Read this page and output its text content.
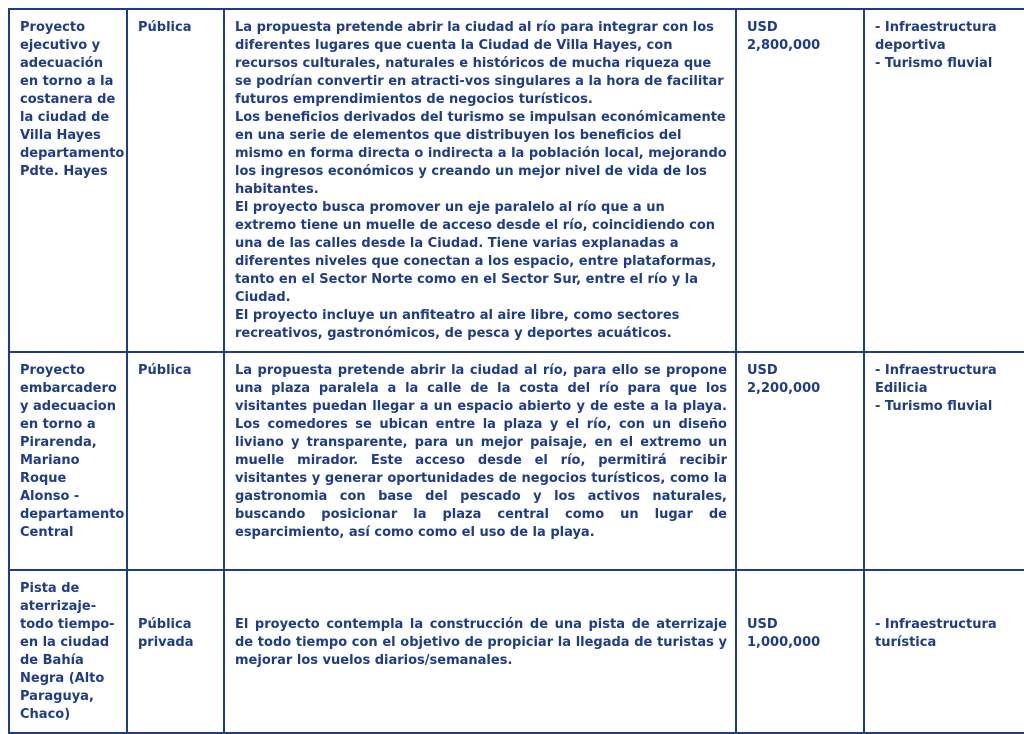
Proyecto ejecutivo y adecuación en torno a la costanera de la ciudad de Villa Hayes departamento Pdte. Hayes	Pública	La propuesta pretende abrir la ciudad al río para integrar con los diferentes lugares que cuenta la Ciudad de Villa Hayes, con recursos culturales, naturales e históricos de mucha riqueza que se podrían convertir en atracti-vos singulares a la hora de facilitar futuros emprendimientos de negocios turísticos.
Los beneficios derivados del turismo se impulsan económicamente en una serie de elementos que distribuyen los beneficios del mismo en forma directa o indirecta a la población local, mejorando los ingresos económicos y creando un mejor nivel de vida de los habitantes.
El proyecto busca promover un eje paralelo al río que a un extremo tiene un muelle de acceso desde el río, coincidiendo con una de las calles desde la Ciudad. Tiene varias explanadas a diferentes niveles que conectan a los espacio, entre plataformas, tanto en el Sector Norte como en el Sector Sur, entre el río y la Ciudad.
El proyecto incluye un anfiteatro al aire libre, como sectores recreativos, gastronómicos, de pesca y deportes acuáticos.	USD 2,800,000	- Infraestructura deportiva
- Turismo fluvial

Proyecto embarcadero y adecuacion en torno a Pirarenda, Mariano Roque Alonso - departamento Central	Pública	La propuesta pretende abrir la ciudad al río, para ello se propone una plaza paralela a la calle de la costa del río para que los visitantes puedan llegar a un espacio abierto y de este a la playa. Los comedores se ubican entre la plaza y el río, con un diseño liviano y transparente, para un mejor paisaje, en el extremo un muelle mirador. Este acceso desde el río, permitirá recibir visitantes y generar oportunidades de negocios turísticos, como la gastronomia con base del pescado y los activos naturales, buscando posicionar la plaza central como un lugar de esparcimiento, así como como el uso de la playa.	USD 2,200,000	- Infraestructura Edilicia
- Turismo fluvial

Pista de aterrizaje- todo tiempo- en la ciudad de Bahía Negra (Alto Paraguya, Chaco)	Pública privada	El proyecto contempla la construcción de una pista de aterrizaje de todo tiempo con el objetivo de propiciar la llegada de turistas y mejorar los vuelos diarios/semanales.	USD 1,000,000	- Infraestructura turística
